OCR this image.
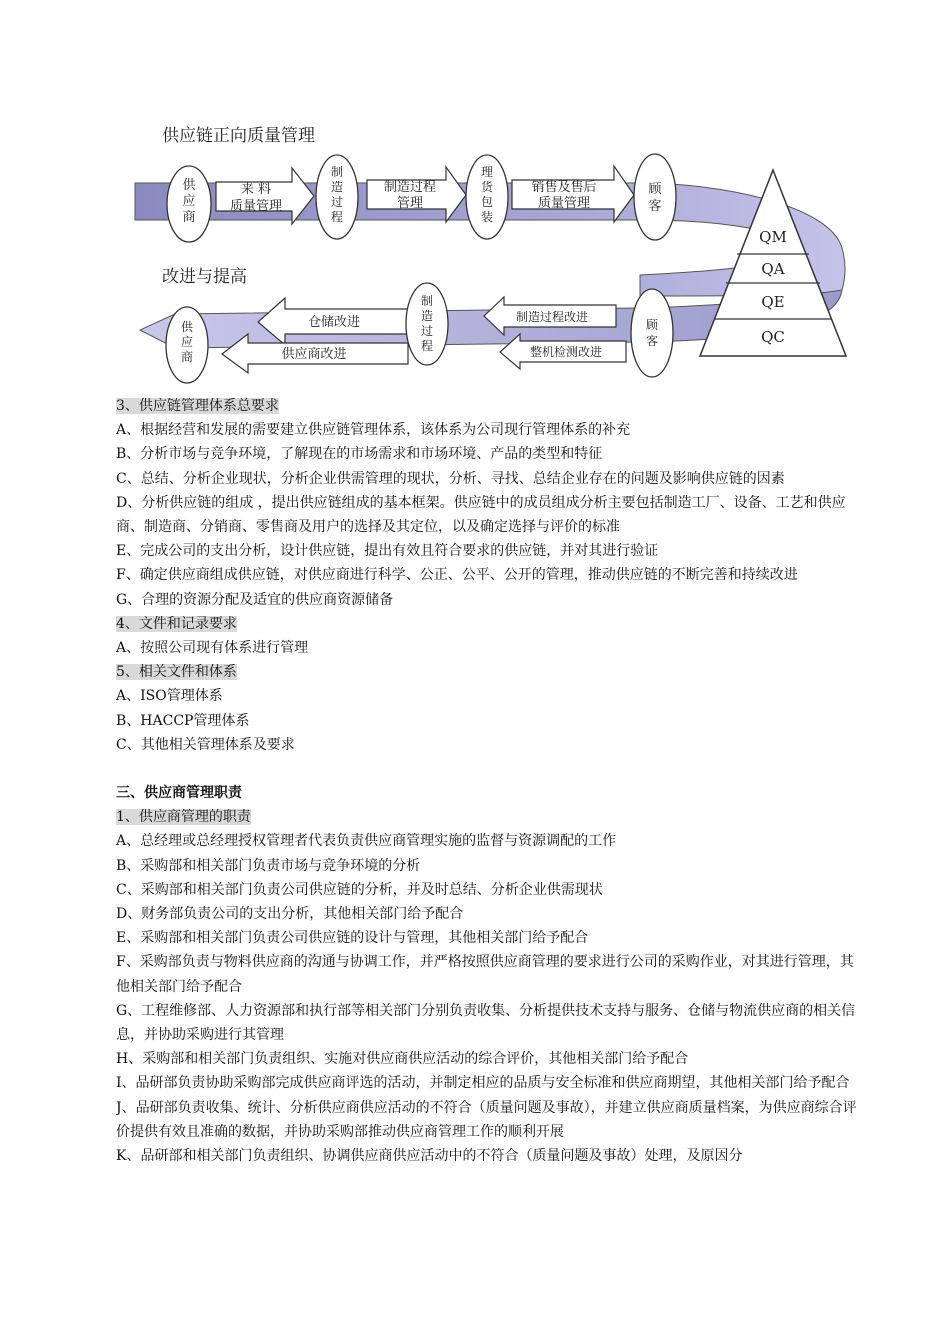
供应链正向质量管理
改进与提高
QM
QA
QE
QC
来 料
质量管理
制造过程
管理
销售及售后
质量管理
供
应
商
制
造
过
程
理
货
包
装
顾
客
仓储改进
供应商改进
制造过程改进
整机检测改进
供
应
商
制
造
过
程
顾
客

3、供应链管理体系总要求

A、根据经营和发展的需要建立供应链管理体系，该体系为公司现行管理体系的补充

B、分析市场与竞争环境，了解现在的市场需求和市场环境、产品的类型和特征

C、总结、分析企业现状，分析企业供需管理的现状，分析、寻找、总结企业存在的问题及影响供应链的因素

D、分析供应链的组成 ，提出供应链组成的基本框架。供应链中的成员组成分析主要包括制造工厂、设备、工艺和供应商、制造商、分销商、零售商及用户的选择及其定位，以及确定选择与评价的标准

E、完成公司的支出分析，设计供应链，提出有效且符合要求的供应链，并对其进行验证

F、确定供应商组成供应链，对供应商进行科学、公正、公平、公开的管理，推动供应链的不断完善和持续改进

G、合理的资源分配及适宜的供应商资源储备

4、文件和记录要求

A、按照公司现有体系进行管理

5、相关文件和体系

A、ISO管理体系

B、HACCP管理体系

C、其他相关管理体系及要求

三、供应商管理职责

1、供应商管理的职责

A、总经理或总经理授权管理者代表负责供应商管理实施的监督与资源调配的工作

B、采购部和相关部门负责市场与竞争环境的分析

C、采购部和相关部门负责公司供应链的分析，并及时总结、分析企业供需现状

D、财务部负责公司的支出分析，其他相关部门给予配合

E、采购部和相关部门负责公司供应链的设计与管理，其他相关部门给予配合

F、采购部负责与物料供应商的沟通与协调工作，并严格按照供应商管理的要求进行公司的采购作业，对其进行管理，其他相关部门给予配合

G、工程维修部、人力资源部和执行部等相关部门分别负责收集、分析提供技术支持与服务、仓储与物流供应商的相关信息，并协助采购进行其管理

H、采购部和相关部门负责组织、实施对供应商供应活动的综合评价，其他相关部门给予配合

I、品研部负责协助采购部完成供应商评选的活动，并制定相应的品质与安全标准和供应商期望，其他相关部门给予配合

J、品研部负责收集、统计、分析供应商供应活动的不符合（质量问题及事故），并建立供应商质量档案，为供应商综合评价提供有效且准确的数据，并协助采购部推动供应商管理工作的顺利开展

K、品研部和相关部门负责组织、协调供应商供应活动中的不符合（质量问题及事故）处理，及原因分
